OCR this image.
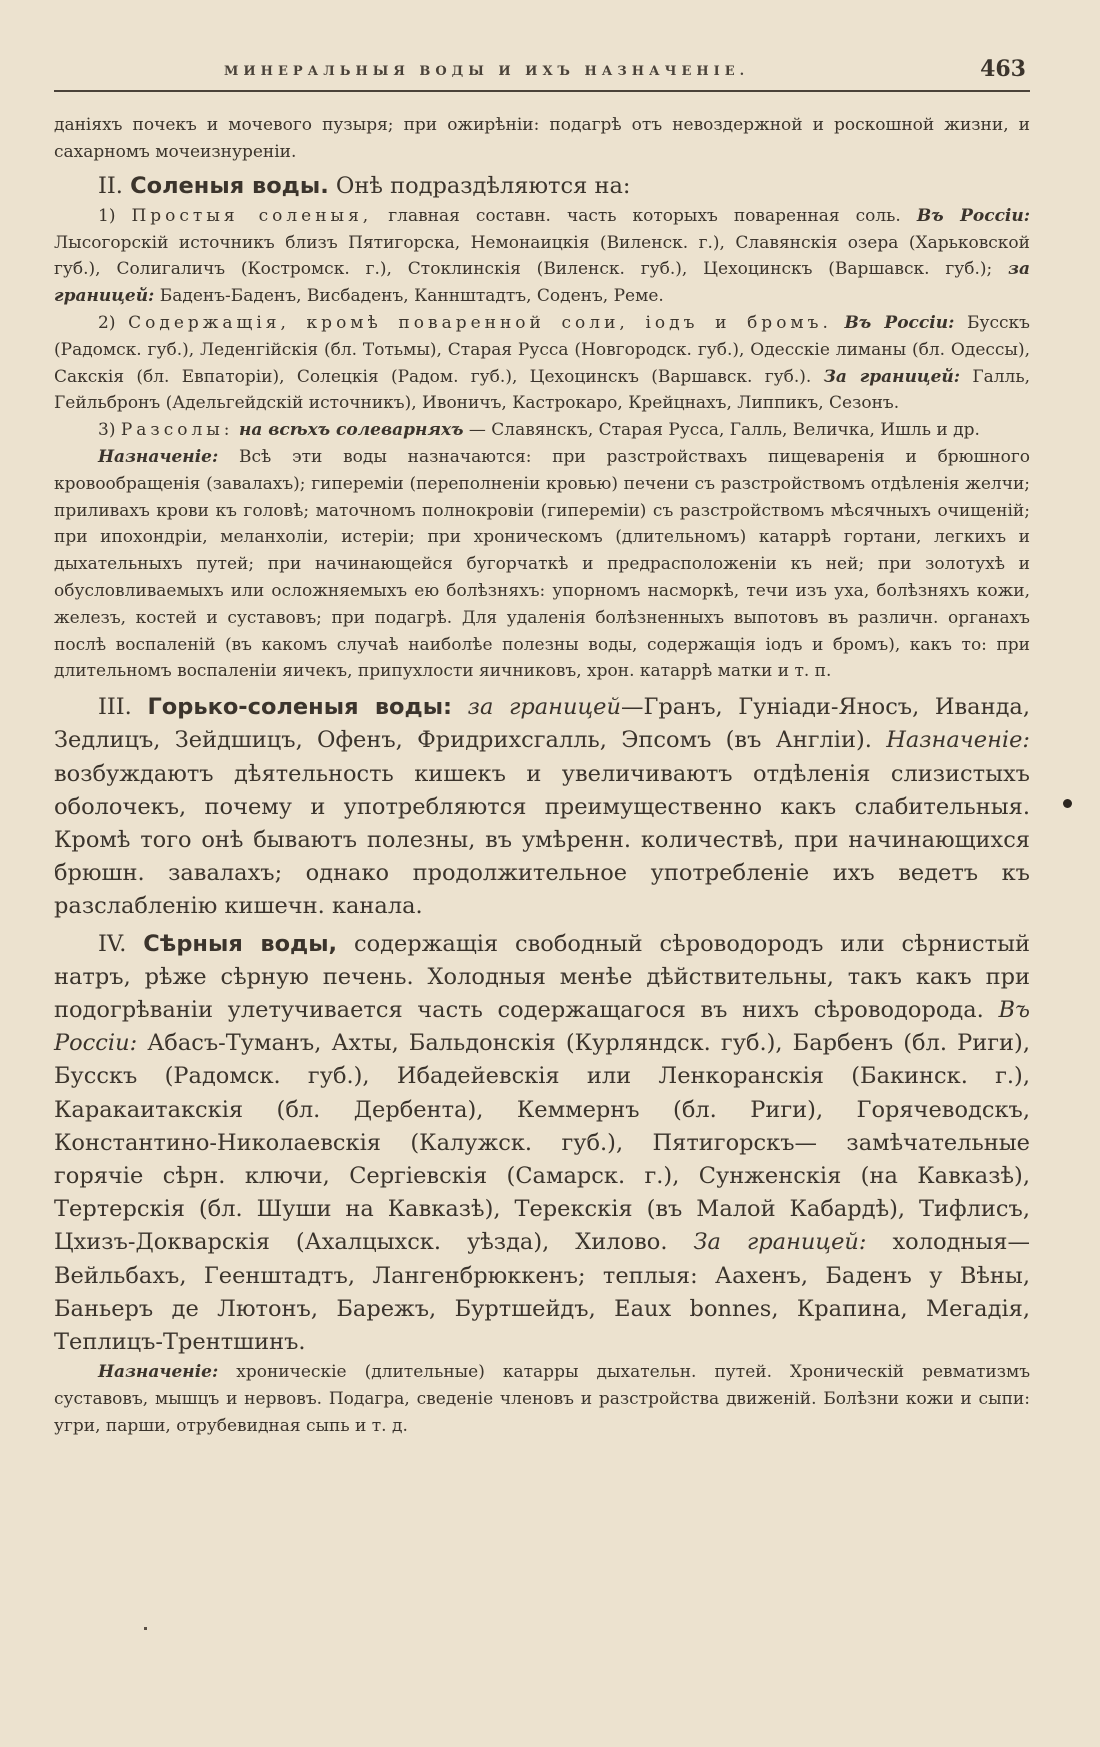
МИНЕРАЛЬНЫЯ ВОДЫ И ИХЪ НАЗНАЧЕНІЕ.	463

даніяхъ почекъ и мочевого пузыря; при ожирѣніи: подагрѣ отъ невоздержной и роскошной жизни, и сахарномъ мочеизнуреніи.

II. Соленыя воды. Онѣ подраздѣляются на:

1) Простыя соленыя, главная составн. часть которыхъ поваренная соль. Въ Россіи: Лысогорскій источникъ близъ Пятигорска, Немонаицкія (Виленск. г.), Славянскія озера (Харьковской губ.), Солигаличъ (Костромск. г.), Стоклинскія (Виленск. губ.), Цехоцинскъ (Варшавск. губ.); за границей: Баденъ-Баденъ, Висбаденъ, Каннштадтъ, Соденъ, Реме.

2) Содержащія, кромѣ поваренной соли, іодъ и бромъ. Въ Россіи: Бусскъ (Радомск. губ.), Леденгійскія (бл. Тотьмы), Старая Русса (Новгородск. губ.), Одесскіе лиманы (бл. Одессы), Сакскія (бл. Евпаторіи), Солецкія (Радом. губ.), Цехоцинскъ (Варшавск. губ.). За границей: Галль, Гейльбронъ (Адельгейдскій источникъ), Ивоничъ, Кастрокаро, Крейцнахъ, Липпикъ, Сезонъ.

3) Разсолы: на всѣхъ солеварняхъ — Славянскъ, Старая Русса, Галль, Величка, Ишль и др.

Назначеніе: Всѣ эти воды назначаются: при разстройствахъ пищеваренія и брюшного кровообращенія (завалахъ); гипереміи (переполненіи кровью) печени съ разстройствомъ отдѣленія желчи; приливахъ крови къ головѣ; маточномъ полнокровіи (гипереміи) съ разстройствомъ мѣсячныхъ очищеній; при ипохондріи, меланхоліи, истеріи; при хроническомъ (длительномъ) катаррѣ гортани, легкихъ и дыхательныхъ путей; при начинающейся бугорчаткѣ и предрасположеніи къ ней; при золотухѣ и обусловливаемыхъ или осложняемыхъ ею болѣзняхъ: упорномъ насморкѣ, течи изъ уха, болѣзняхъ кожи, железъ, костей и суставовъ; при подагрѣ. Для удаленія болѣзненныхъ выпотовъ въ различн. органахъ послѣ воспаленій (въ какомъ случаѣ наиболѣе полезны воды, содержащія іодъ и бромъ), какъ то: при длительномъ воспаленіи яичекъ, припухлости яичниковъ, хрон. катаррѣ матки и т. п.

III. Горько-соленыя воды: за границей—Гранъ, Гуніади-Яносъ, Иванда, Зедлицъ, Зейдшицъ, Офенъ, Фридрихсгалль, Эпсомъ (въ Англіи). Назначеніе: возбуждаютъ дѣятельность кишекъ и увеличиваютъ отдѣленія слизистыхъ оболочекъ, почему и употребляются преимущественно какъ слабительныя. Кромѣ того онѣ бываютъ полезны, въ умѣренн. количествѣ, при начинающихся брюшн. завалахъ; однако продолжительное употребленіе ихъ ведетъ къ разслабленію кишечн. канала.

IV. Сѣрныя воды, содержащія свободный сѣроводородъ или сѣрнистый натръ, рѣже сѣрную печень. Холодныя менѣе дѣйствительны, такъ какъ при подогрѣваніи улетучивается часть содержащагося въ нихъ сѣроводорода. Въ Россіи: Абасъ-Туманъ, Ахты, Бальдонскія (Курляндск. губ.), Барбенъ (бл. Риги), Бусскъ (Радомск. губ.), Ибадейевскія или Ленкоранскія (Бакинск. г.), Каракаитакскія (бл. Дербента), Кеммернъ (бл. Риги), Горячеводскъ, Константино-Николаевскія (Калужск. губ.), Пятигорскъ— замѣчательные горячіе сѣрн. ключи, Сергіевскія (Самарск. г.), Сунженскія (на Кавказѣ), Тертерскія (бл. Шуши на Кавказѣ), Терекскія (въ Малой Кабардѣ), Тифлисъ, Цхизъ-Докварскія (Ахалцыхск. уѣзда), Хилово. За границей: холодныя—Вейльбахъ, Геенштадтъ, Лангенбрюккенъ; теплыя: Аахенъ, Баденъ у Вѣны, Баньеръ де Лютонъ, Барежъ, Буртшейдъ, Eaux bonnes, Крапина, Мегадія, Теплицъ-Трентшинъ.

Назначеніе: хроническіе (длительные) катарры дыхательн. путей. Хроническій ревматизмъ суставовъ, мышцъ и нервовъ. Подагра, сведеніе членовъ и разстройства движеній. Болѣзни кожи и сыпи: угри, парши, отрубевидная сыпь и т. д.
